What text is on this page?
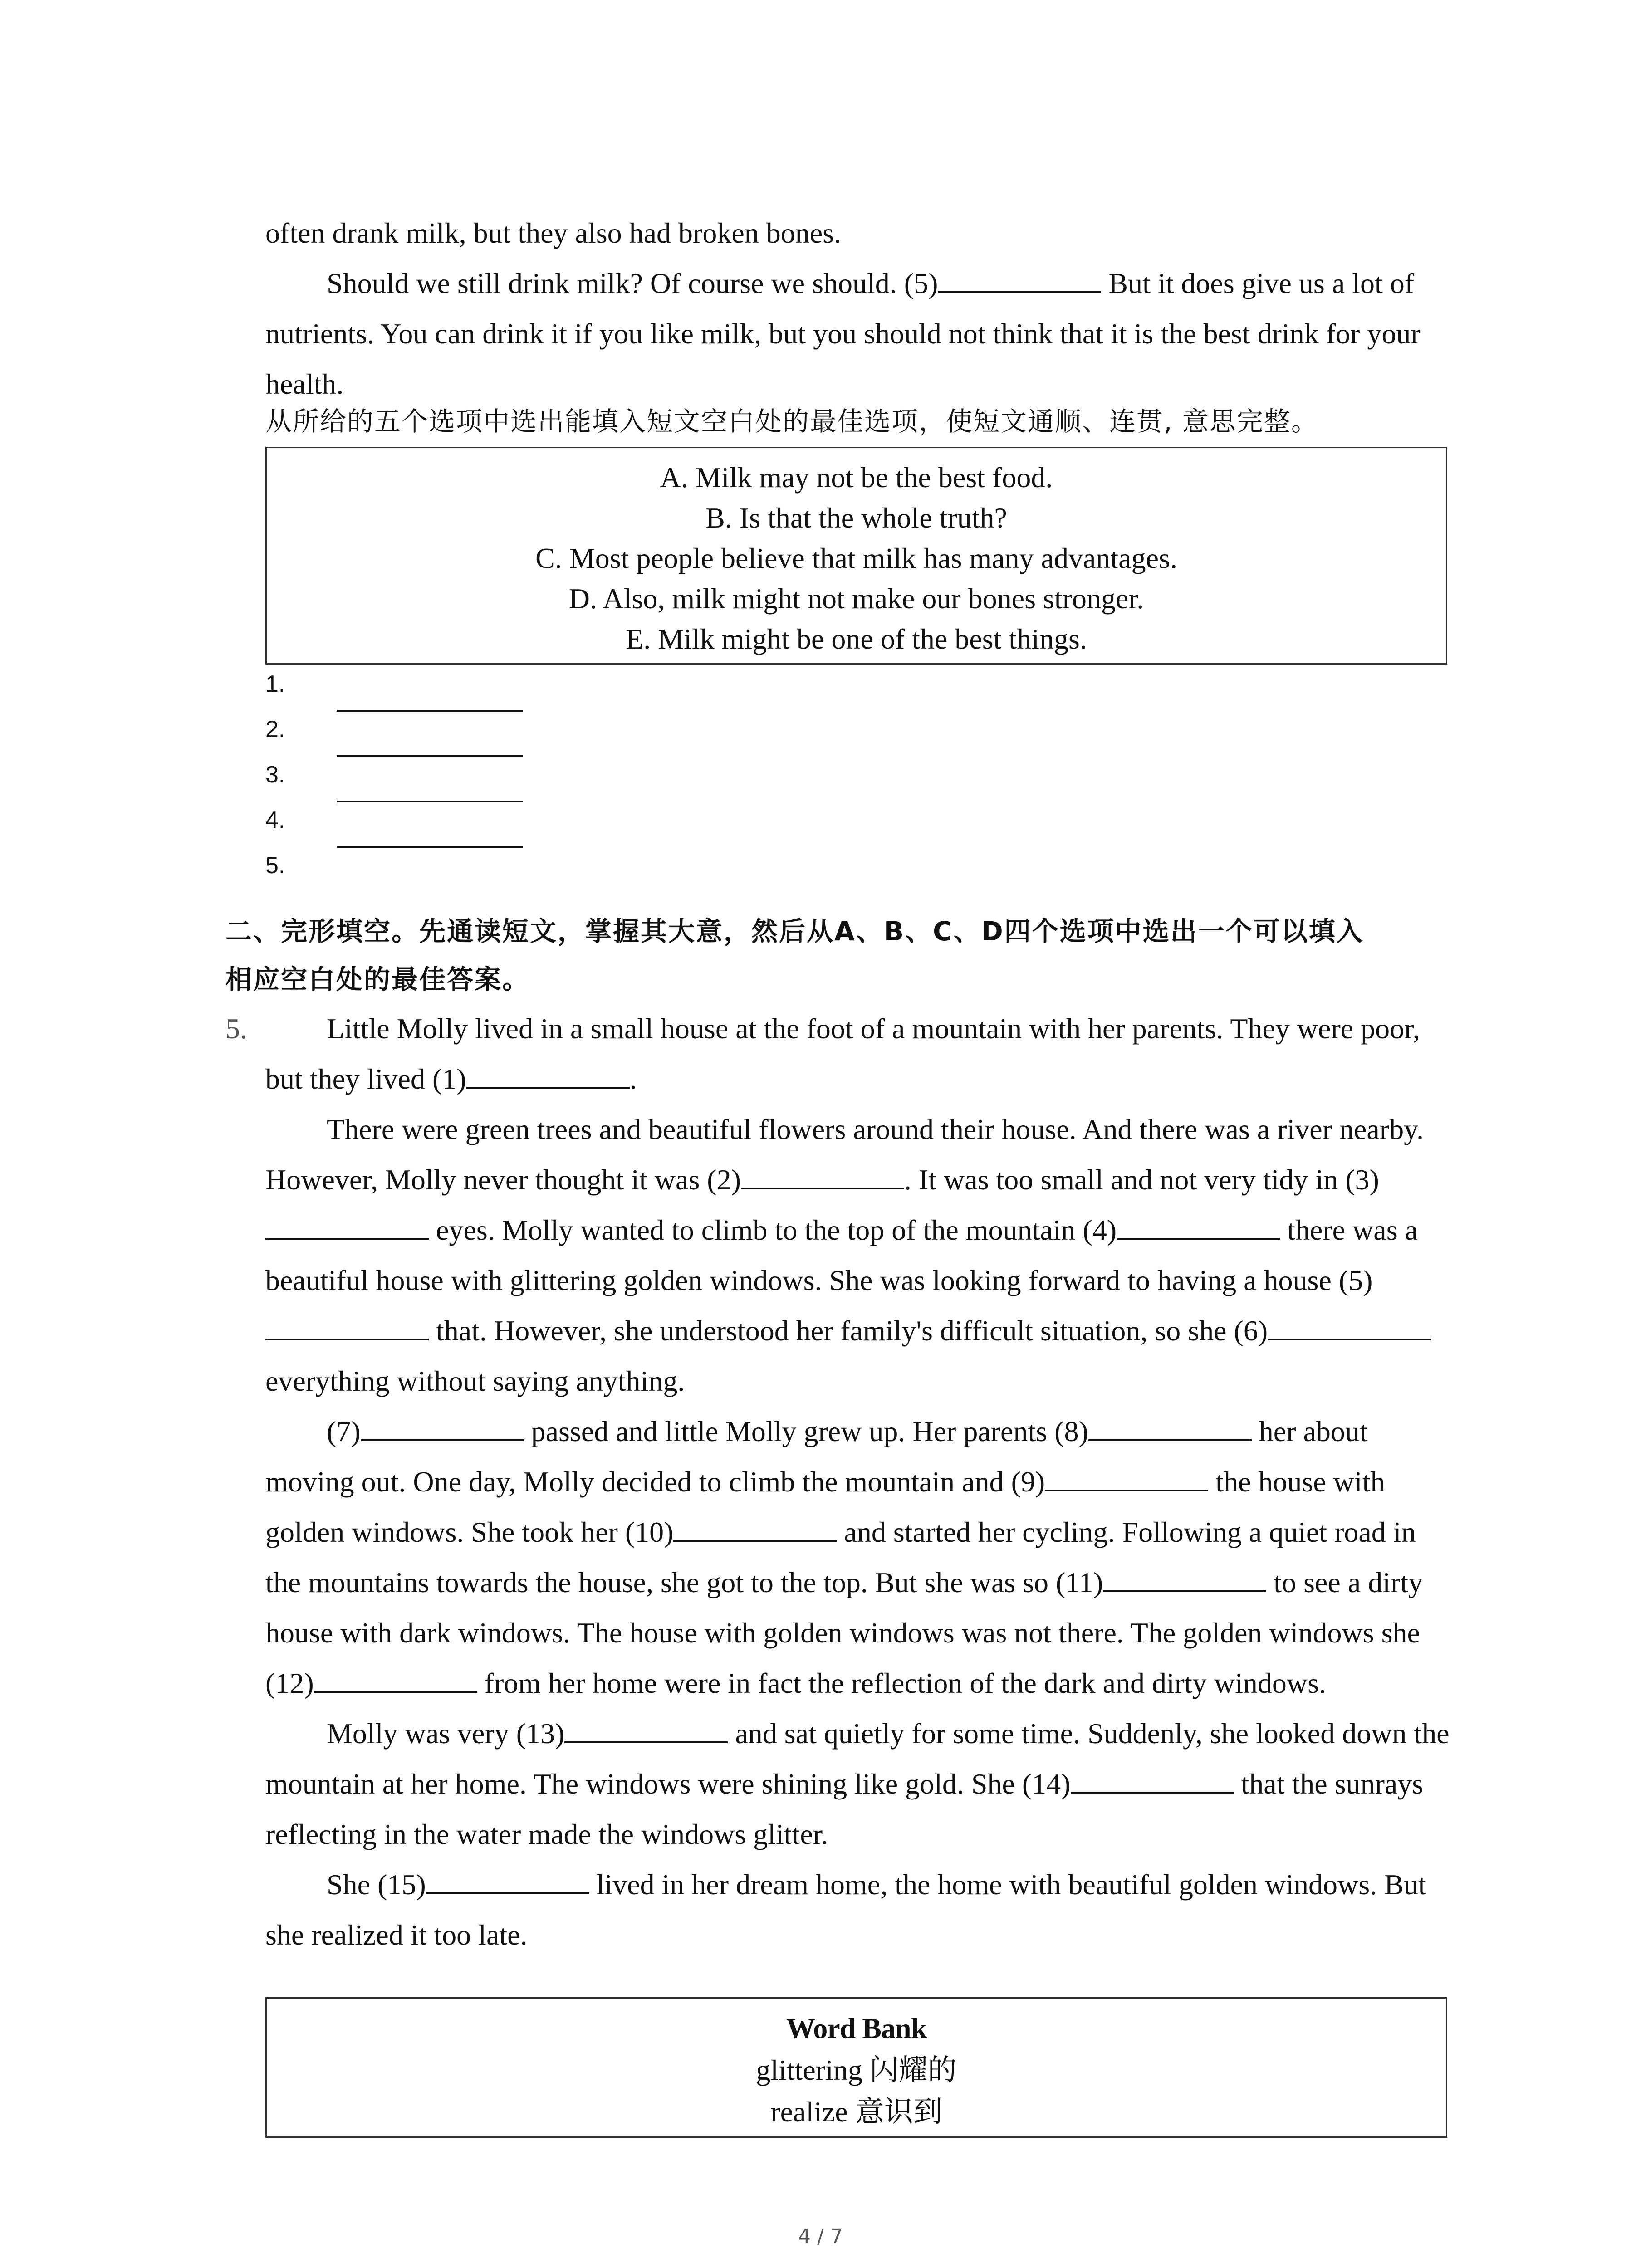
often drank milk, but they also had broken bones.

Should we still drink milk? Of course we should. (5)	But it does give us a lot of nutrients. You can drink it if you like milk, but you should not think that it is the best drink for your health.

从所给的五个选项中选出能填入短文空白处的最佳选项，使短文通顺、连贯, 意思完整。

A. Milk may not be the best food.
B. Is that the whole truth?
C. Most people believe that milk has many advantages.
D. Also, milk might not make our bones stronger.
E. Milk might be one of the best things.
1.
2.
3.
4.
5.

二、完形填空。先通读短文，掌握其大意，然后从A、B、C、D四个选项中选出一个可以填入

相应空白处的最佳答案。

5.	Little Molly lived in a small house at the foot of a mountain with her parents. They were poor, but they lived (1)	.

There were green trees and beautiful flowers around their house. And there was a river nearby. However, Molly never thought it was (2)	. It was too small and not very tidy in (3) eyes. Molly wanted to climb to the top of the mountain (4)	there was a beautiful house with glittering golden windows. She was looking forward to having a house (5) that. However, she understood her family's difficult situation, so she (6) everything without saying anything.

(7)	passed and little Molly grew up. Her parents (8)	her about moving out. One day, Molly decided to climb the mountain and (9)	the house with golden windows. She took her (10)	and started her cycling. Following a quiet road in the mountains towards the house, she got to the top. But she was so (11)	to see a dirty house with dark windows. The house with golden windows was not there. The golden windows she (12)	from her home were in fact the reflection of the dark and dirty windows.

Molly was very (13)	and sat quietly for some time. Suddenly, she looked down the mountain at her home. The windows were shining like gold. She (14)	that the sunrays reflecting in the water made the windows glitter.

She (15)	lived in her dream home, the home with beautiful golden windows. But she realized it too late.

Word Bank
glittering 闪耀的
realize 意识到
4 / 7
